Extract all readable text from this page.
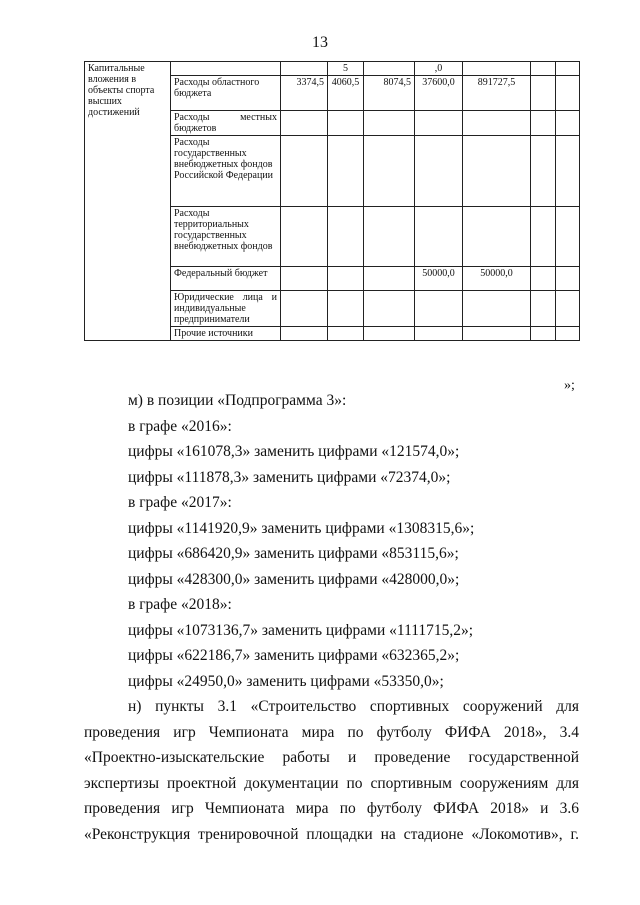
13
Капитальные вложения в объекты спорта высших достижений			5		,0			
	Расходы областного бюджета	3374,5	4060,5	8074,5	37600,0	891727,5		
	Расходы местных бюджетов							
	Расходы государственных внебюджетных фондов Российской Федерации							
	Расходы территориальных государственных внебюджетных фондов							
	Федеральный бюджет				50000,0	50000,0		
	Юридические лица и индивидуальные предприниматели							
	Прочие источники							
»;

м) в позиции «Подпрограмма 3»:

в графе «2016»:

цифры «161078,3» заменить цифрами «121574,0»;

цифры «111878,3» заменить цифрами «72374,0»;

в графе «2017»:

цифры «1141920,9» заменить цифрами «1308315,6»;

цифры «686420,9» заменить цифрами «853115,6»;

цифры «428300,0» заменить цифрами «428000,0»;

в графе «2018»:

цифры «1073136,7» заменить цифрами «1111715,2»;

цифры «622186,7» заменить цифрами «632365,2»;

цифры «24950,0» заменить цифрами «53350,0»;

н) пункты 3.1 «Строительство спортивных сооружений для

проведения игр Чемпионата мира по футболу ФИФА 2018», 3.4

«Проектно-изыскательские работы и проведение государственной

экспертизы проектной документации по спортивным сооружениям для

проведения игр Чемпионата мира по футболу ФИФА 2018» и 3.6

«Реконструкция тренировочной площадки на стадионе «Локомотив», г.
